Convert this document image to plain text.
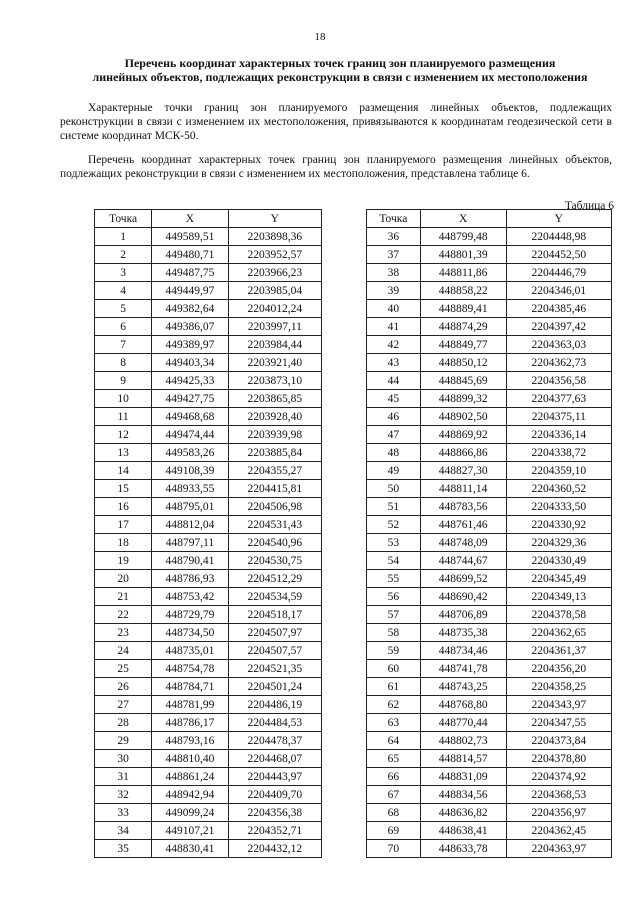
18
Перечень координат характерных точек границ зон планируемого размещения
линейных объектов, подлежащих реконструкции в связи с изменением их местоположения

Характерные точки границ зон планируемого размещения линейных объектов, подлежащих реконструкции в связи с изменением их местоположения, привязываются к координатам геодезической сети в системе координат МСК-50.

Перечень координат характерных точек границ зон планируемого размещения линейных объектов, подлежащих реконструкции в связи с изменением их местоположения, представлена таблице 6.

Таблица 6
Точка	X	Y
1	449589,51	2203898,36
2	449480,71	2203952,57
3	449487,75	2203966,23
4	449449,97	2203985,04
5	449382,64	2204012,24
6	449386,07	2203997,11
7	449389,97	2203984,44
8	449403,34	2203921,40
9	449425,33	2203873,10
10	449427,75	2203865,85
11	449468,68	2203928,40
12	449474,44	2203939,98
13	449583,26	2203885,84
14	449108,39	2204355,27
15	448933,55	2204415,81
16	448795,01	2204506,98
17	448812,04	2204531,43
18	448797,11	2204540,96
19	448790,41	2204530,75
20	448786,93	2204512,29
21	448753,42	2204534,59
22	448729,79	2204518,17
23	448734,50	2204507,97
24	448735,01	2204507,57
25	448754,78	2204521,35
26	448784,71	2204501,24
27	448781,99	2204486,19
28	448786,17	2204484,53
29	448793,16	2204478,37
30	448810,40	2204468,07
31	448861,24	2204443,97
32	448942,94	2204409,70
33	449099,24	2204356,38
34	449107,21	2204352,71
35	448830,41	2204432,12
Точка	X	Y
36	448799,48	2204448,98
37	448801,39	2204452,50
38	448811,86	2204446,79
39	448858,22	2204346,01
40	448889,41	2204385,46
41	448874,29	2204397,42
42	448849,77	2204363,03
43	448850,12	2204362,73
44	448845,69	2204356,58
45	448899,32	2204377,63
46	448902,50	2204375,11
47	448869,92	2204336,14
48	448866,86	2204338,72
49	448827,30	2204359,10
50	448811,14	2204360,52
51	448783,56	2204333,50
52	448761,46	2204330,92
53	448748,09	2204329,36
54	448744,67	2204330,49
55	448699,52	2204345,49
56	448690,42	2204349,13
57	448706,89	2204378,58
58	448735,38	2204362,65
59	448734,46	2204361,37
60	448741,78	2204356,20
61	448743,25	2204358,25
62	448768,80	2204343,97
63	448770,44	2204347,55
64	448802,73	2204373,84
65	448814,57	2204378,80
66	448831,09	2204374,92
67	448834,56	2204368,53
68	448636,82	2204356,97
69	448638,41	2204362,45
70	448633,78	2204363,97
